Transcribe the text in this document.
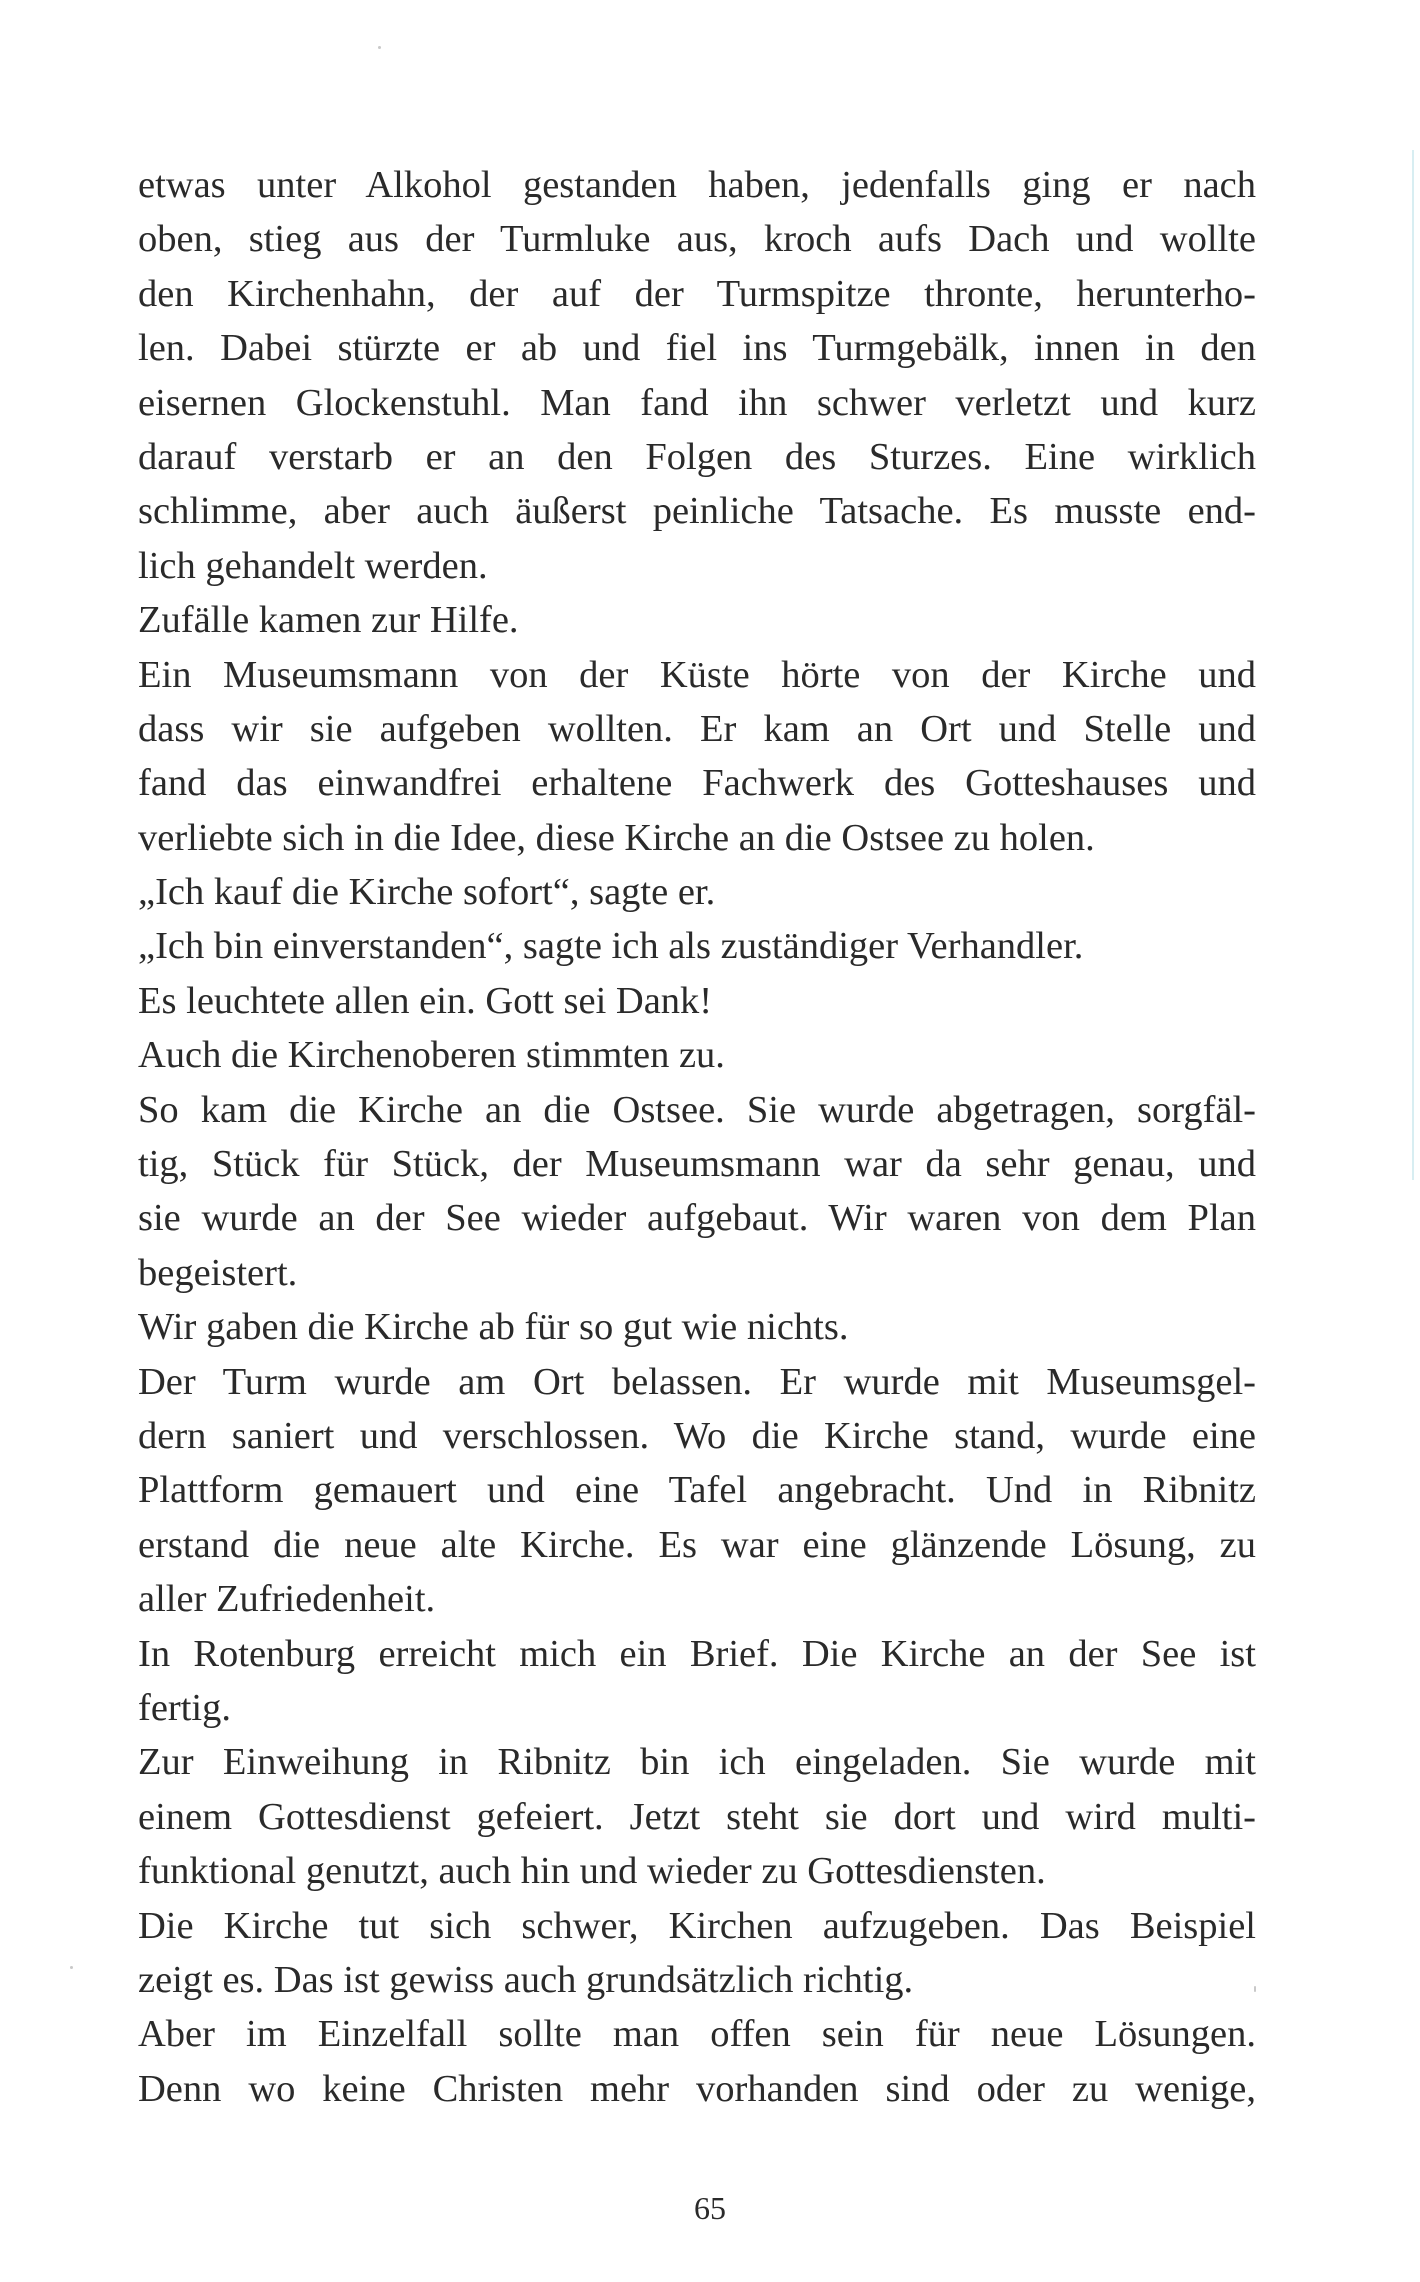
etwas unter Alkohol gestanden haben, jedenfalls ging er nach
oben, stieg aus der Turmluke aus, kroch aufs Dach und wollte
den Kirchenhahn, der auf der Turmspitze thronte, herunterho-
len. Dabei stürzte er ab und fiel ins Turmgebälk, innen in den
eisernen Glockenstuhl. Man fand ihn schwer verletzt und kurz
darauf verstarb er an den Folgen des Sturzes. Eine wirklich
schlimme, aber auch äußerst peinliche Tatsache. Es musste end-
lich gehandelt werden.
Zufälle kamen zur Hilfe.
Ein Museumsmann von der Küste hörte von der Kirche und
dass wir sie aufgeben wollten. Er kam an Ort und Stelle und
fand das einwandfrei erhaltene Fachwerk des Gotteshauses und
verliebte sich in die Idee, diese Kirche an die Ostsee zu holen.
„Ich kauf die Kirche sofort“, sagte er.
„Ich bin einverstanden“, sagte ich als zuständiger Verhandler.
Es leuchtete allen ein. Gott sei Dank!
Auch die Kirchenoberen stimmten zu.
So kam die Kirche an die Ostsee. Sie wurde abgetragen, sorgfäl-
tig, Stück für Stück, der Museumsmann war da sehr genau, und
sie wurde an der See wieder aufgebaut. Wir waren von dem Plan
begeistert.
Wir gaben die Kirche ab für so gut wie nichts.
Der Turm wurde am Ort belassen. Er wurde mit Museumsgel-
dern saniert und verschlossen. Wo die Kirche stand, wurde eine
Plattform gemauert und eine Tafel angebracht. Und in Ribnitz
erstand die neue alte Kirche. Es war eine glänzende Lösung, zu
aller Zufriedenheit.
In Rotenburg erreicht mich ein Brief. Die Kirche an der See ist
fertig.
Zur Einweihung in Ribnitz bin ich eingeladen. Sie wurde mit
einem Gottesdienst gefeiert. Jetzt steht sie dort und wird multi-
funktional genutzt, auch hin und wieder zu Gottesdiensten.
Die Kirche tut sich schwer, Kirchen aufzugeben. Das Beispiel
zeigt es. Das ist gewiss auch grundsätzlich richtig.
Aber im Einzelfall sollte man offen sein für neue Lösungen.
Denn wo keine Christen mehr vorhanden sind oder zu wenige,
65
